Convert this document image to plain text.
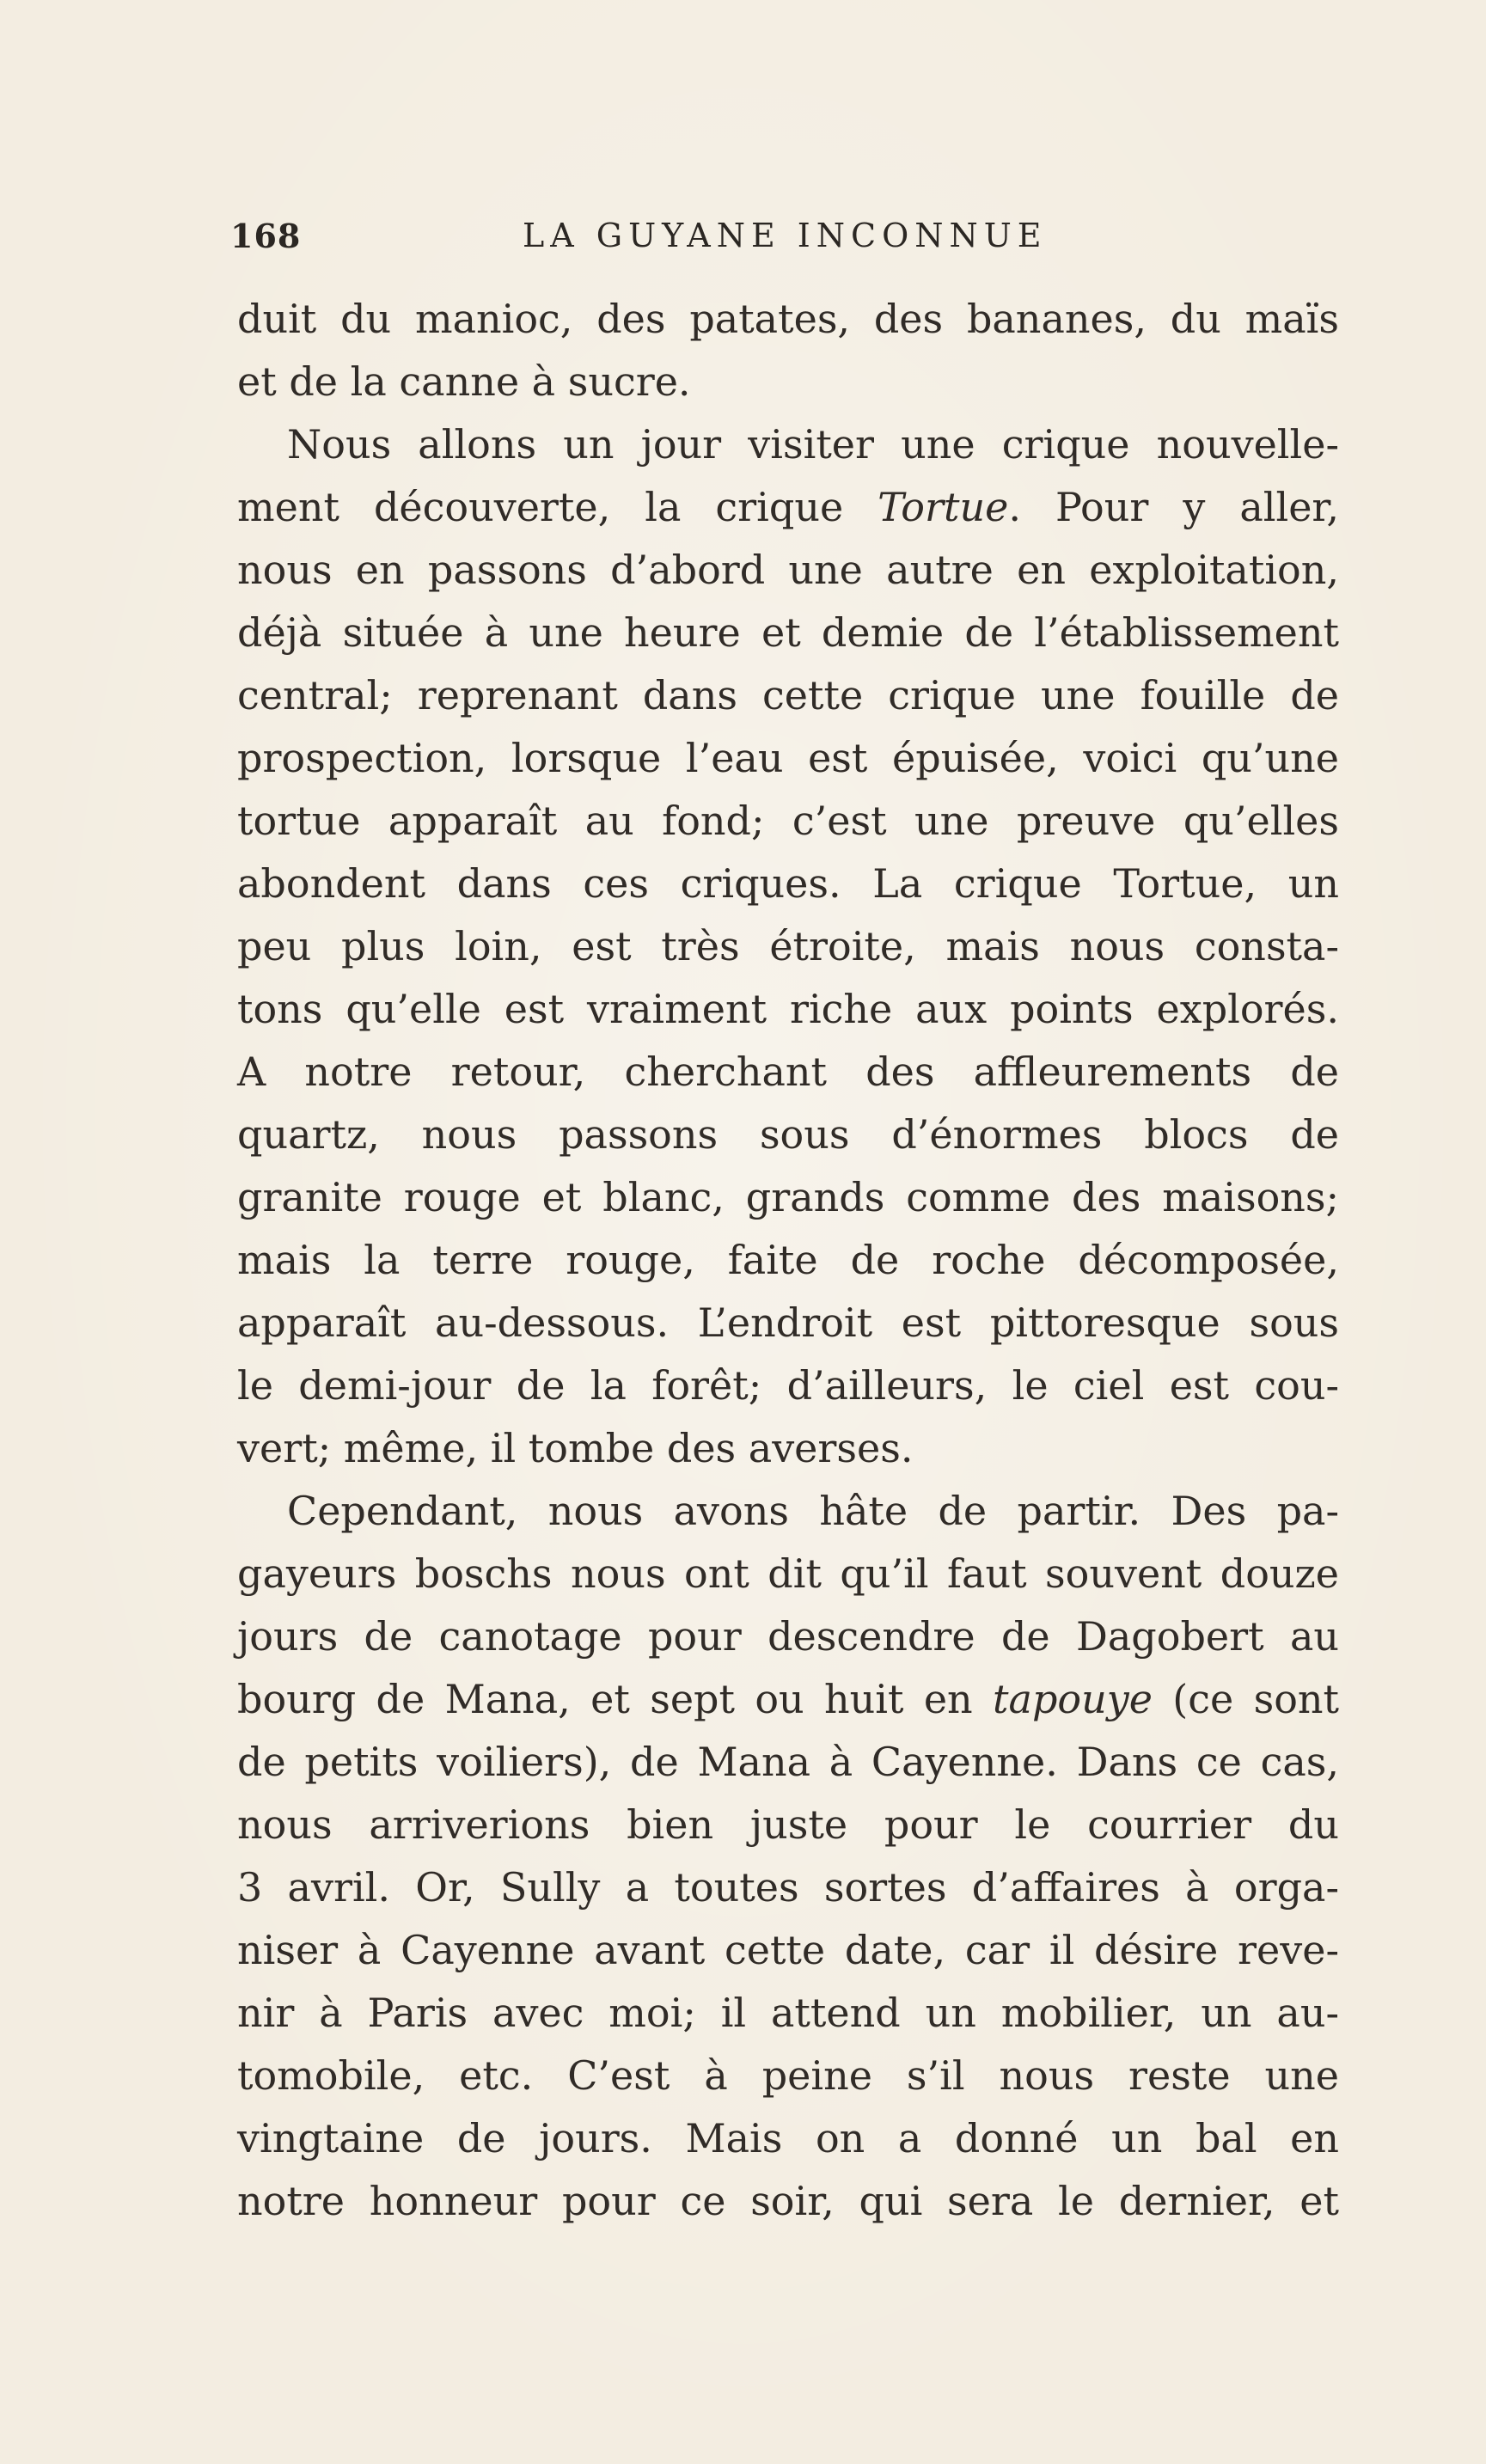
168	LA GUYANE INCONNUE
duit du manioc, des patates, des bananes, du maïs
et de la canne à sucre.
Nous allons un jour visiter une crique nouvelle-
ment découverte, la crique Tortue. Pour y aller,
nous en passons d’abord une autre en exploitation,
déjà située à une heure et demie de l’établissement
central; reprenant dans cette crique une fouille de
prospection, lorsque l’eau est épuisée, voici qu’une
tortue apparaît au fond; c’est une preuve qu’elles
abondent dans ces criques. La crique Tortue, un
peu plus loin, est très étroite, mais nous consta-
tons qu’elle est vraiment riche aux points explorés.
A notre retour, cherchant des affleurements de
quartz, nous passons sous d’énormes blocs de
granite rouge et blanc, grands comme des maisons;
mais la terre rouge, faite de roche décomposée,
apparaît au-dessous. L’endroit est pittoresque sous
le demi-jour de la forêt; d’ailleurs, le ciel est cou-
vert; même, il tombe des averses.
Cependant, nous avons hâte de partir. Des pa-
gayeurs boschs nous ont dit qu’il faut souvent douze
jours de canotage pour descendre de Dagobert au
bourg de Mana, et sept ou huit en tapouye (ce sont
de petits voiliers), de Mana à Cayenne. Dans ce cas,
nous arriverions bien juste pour le courrier du
3 avril. Or, Sully a toutes sortes d’affaires à orga-
niser à Cayenne avant cette date, car il désire reve-
nir à Paris avec moi; il attend un mobilier, un au-
tomobile, etc. C’est à peine s’il nous reste une
vingtaine de jours. Mais on a donné un bal en
notre honneur pour ce soir, qui sera le dernier, et
